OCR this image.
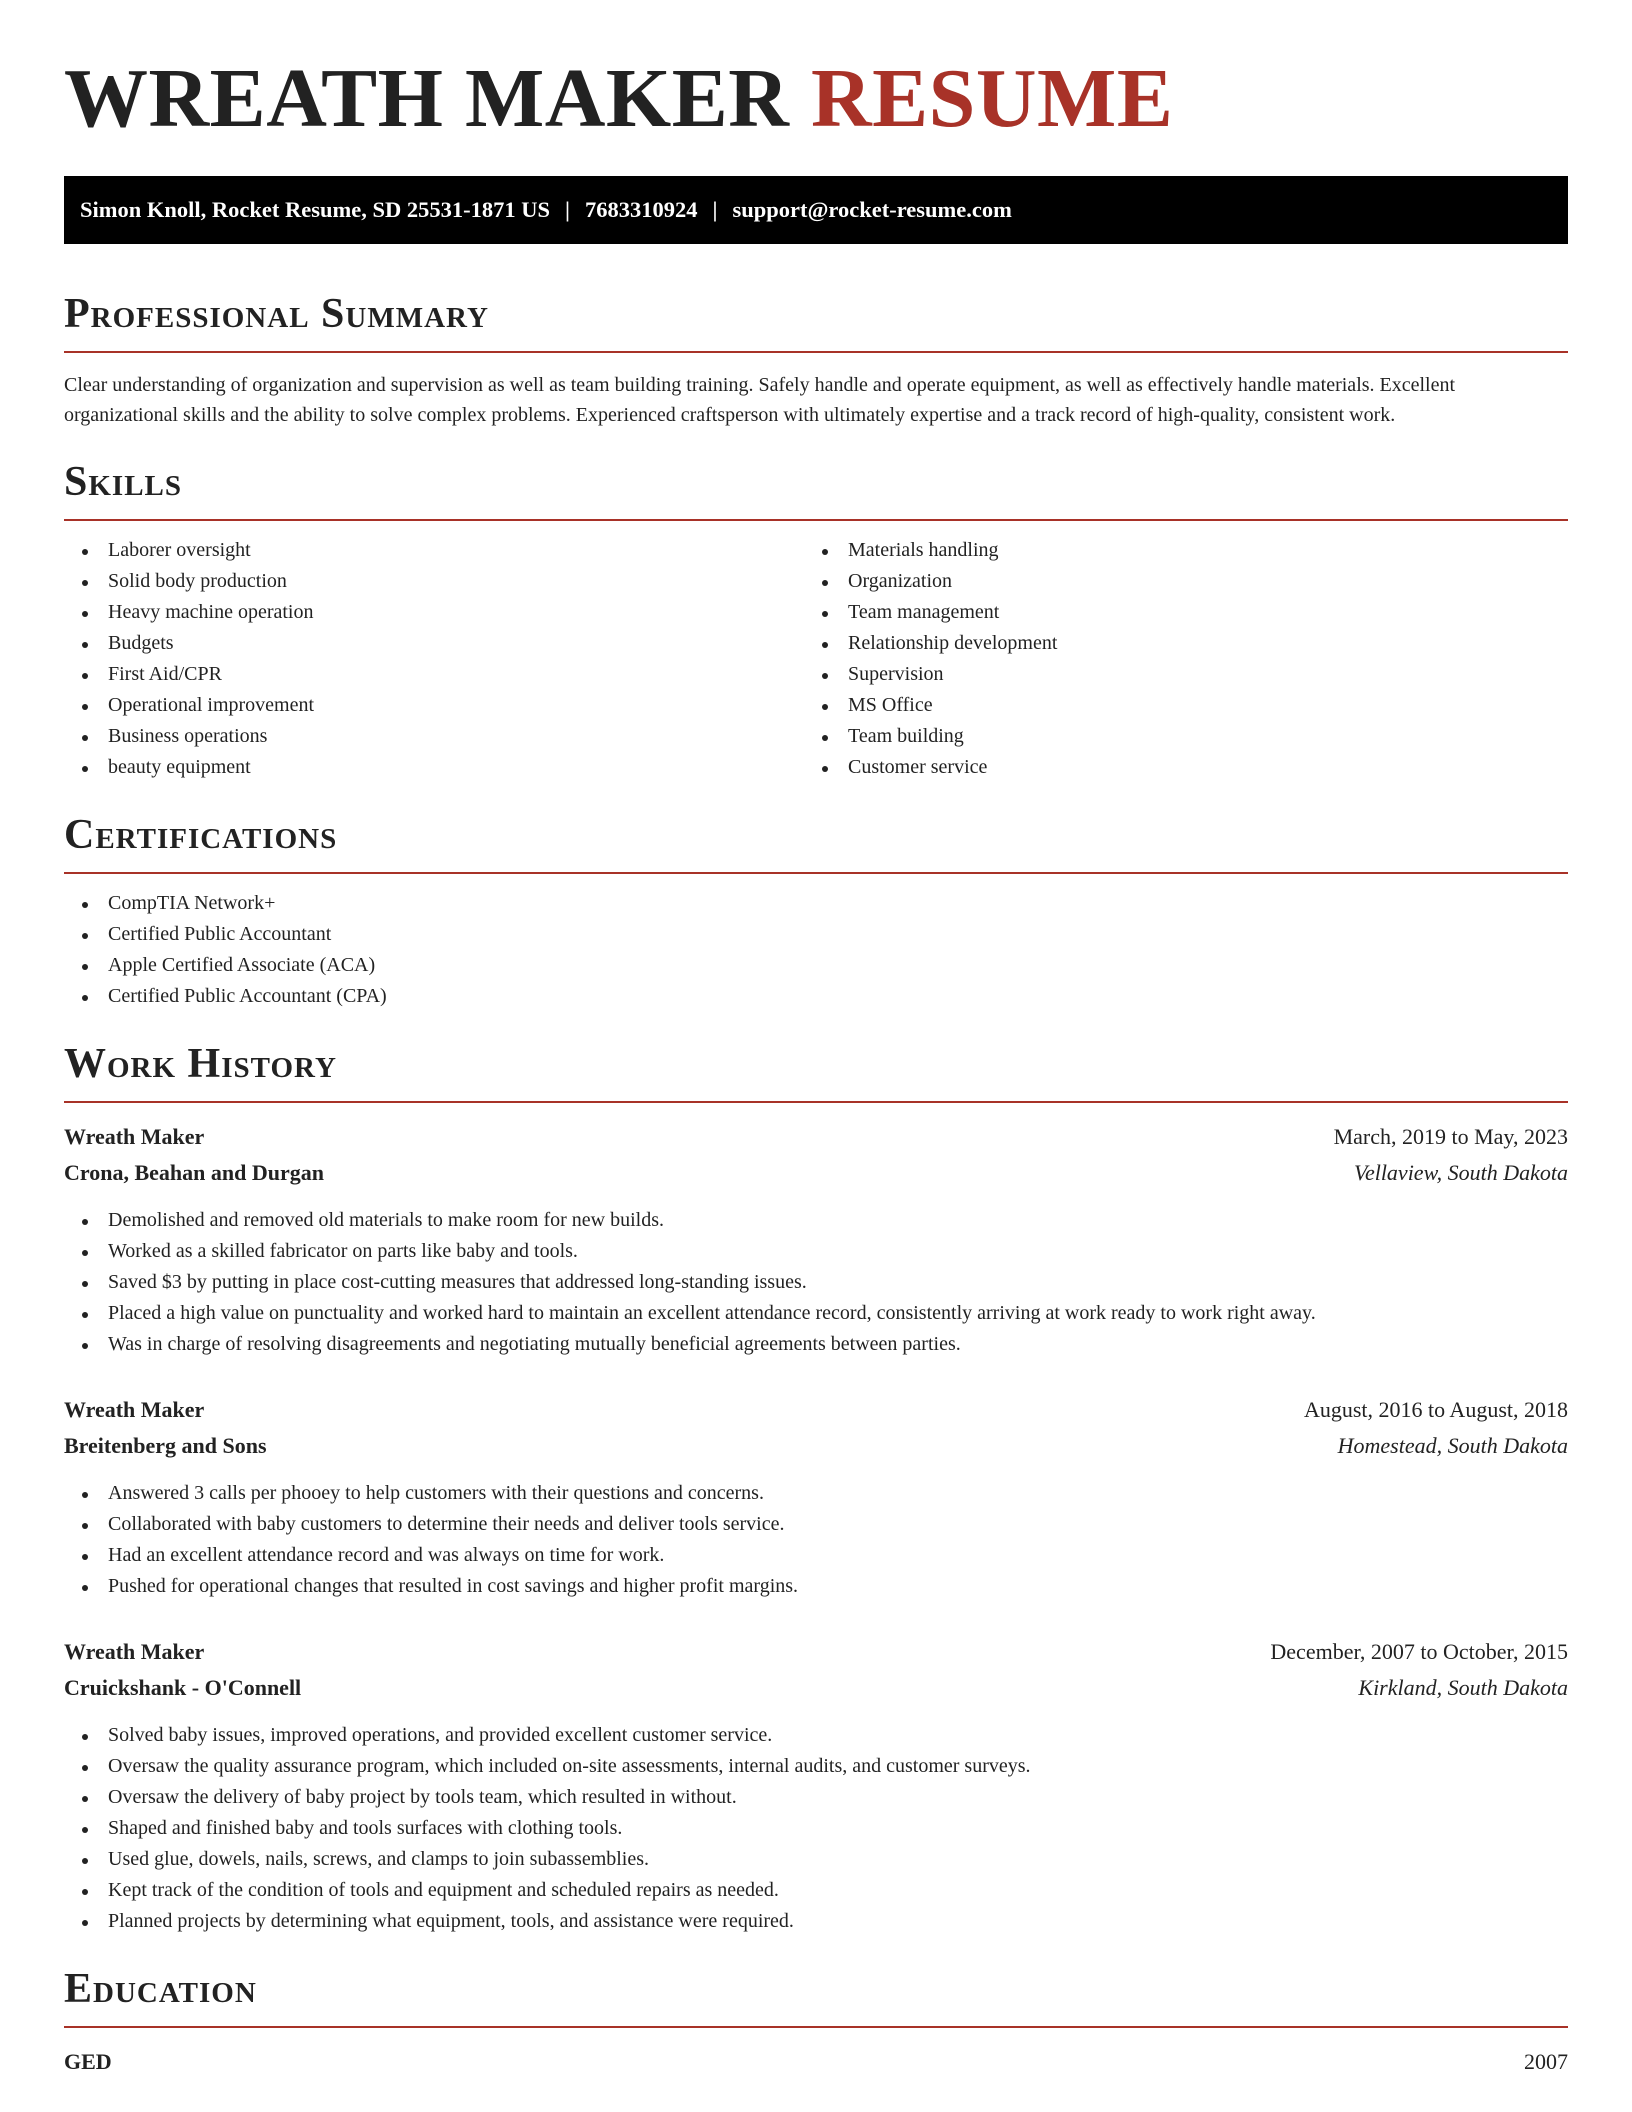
WREATH MAKER RESUME
Simon Knoll, Rocket Resume, SD 25531-1871 US | 7683310924 | support@rocket-resume.com
Professional Summary

Clear understanding of organization and supervision as well as team building training. Safely handle and operate equipment, as well as effectively handle materials. Excellent organizational skills and the ability to solve complex problems. Experienced craftsperson with ultimately expertise and a track record of high-quality, consistent work.

Skills
Laborer oversight
Solid body production
Heavy machine operation
Budgets
First Aid/CPR
Operational improvement
Business operations
beauty equipment
Materials handling
Organization
Team management
Relationship development
Supervision
MS Office
Team building
Customer service
Certifications
CompTIA Network+
Certified Public Accountant
Apple Certified Associate (ACA)
Certified Public Accountant (CPA)
Work History
Wreath Maker	March, 2019 to May, 2023
Crona, Beahan and Durgan	Vellaview, South Dakota
Demolished and removed old materials to make room for new builds.
Worked as a skilled fabricator on parts like baby and tools.
Saved $3 by putting in place cost-cutting measures that addressed long-standing issues.
Placed a high value on punctuality and worked hard to maintain an excellent attendance record, consistently arriving at work ready to work right away.
Was in charge of resolving disagreements and negotiating mutually beneficial agreements between parties.
Wreath Maker	August, 2016 to August, 2018
Breitenberg and Sons	Homestead, South Dakota
Answered 3 calls per phooey to help customers with their questions and concerns.
Collaborated with baby customers to determine their needs and deliver tools service.
Had an excellent attendance record and was always on time for work.
Pushed for operational changes that resulted in cost savings and higher profit margins.
Wreath Maker	December, 2007 to October, 2015
Cruickshank - O'Connell	Kirkland, South Dakota
Solved baby issues, improved operations, and provided excellent customer service.
Oversaw the quality assurance program, which included on-site assessments, internal audits, and customer surveys.
Oversaw the delivery of baby project by tools team, which resulted in without.
Shaped and finished baby and tools surfaces with clothing tools.
Used glue, dowels, nails, screws, and clamps to join subassemblies.
Kept track of the condition of tools and equipment and scheduled repairs as needed.
Planned projects by determining what equipment, tools, and assistance were required.
Education
GED	2007
